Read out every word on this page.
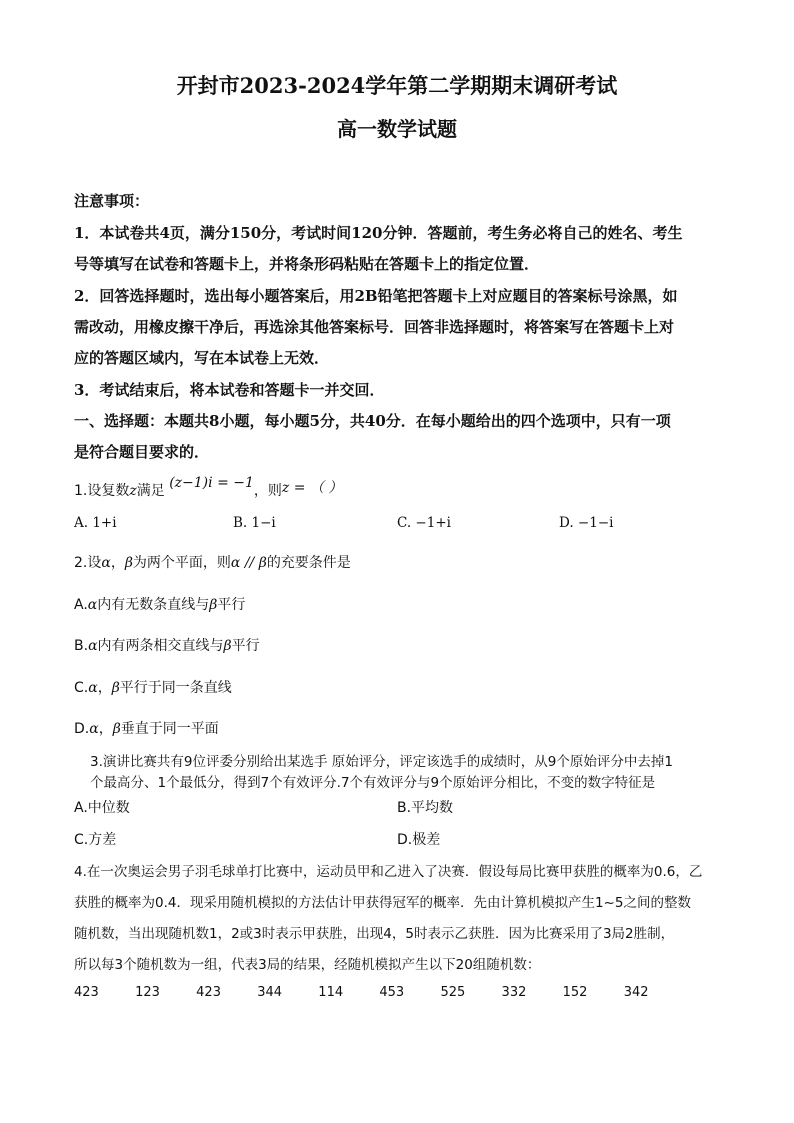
开封市2023-2024学年第二学期期末调研考试
高一数学试题
注意事项：
1．本试卷共4页，满分150分，考试时间120分钟．答题前，考生务必将自己的姓名、考生
号等填写在试卷和答题卡上，并将条形码粘贴在答题卡上的指定位置．
2．回答选择题时，选出每小题答案后，用2B铅笔把答题卡上对应题目的答案标号涂黑，如
需改动，用橡皮擦干净后，再选涂其他答案标号．回答非选择题时，将答案写在答题卡上对
应的答题区域内，写在本试卷上无效．
3．考试结束后，将本试卷和答题卡一并交回．
一、选择题：本题共8小题，每小题5分，共40分．在每小题给出的四个选项中，只有一项
是符合题目要求的．
1.设复数z满足 (z−1)i = −1，则z = （ ）
A. 1+i	B. 1−i	C. −1+i	D. −1−i
2.设α，β为两个平面，则α // β的充要条件是
A.α内有无数条直线与β平行
B.α内有两条相交直线与β平行
C.α，β平行于同一条直线
D.α，β垂直于同一平面
3.演讲比赛共有9位评委分别给出某选手 原始评分，评定该选手的成绩时，从9个原始评分中去掉1
个最高分、1个最低分，得到7个有效评分.7个有效评分与9个原始评分相比，不变的数字特征是
A.中位数	B.平均数
C.方差	D.极差
4.在一次奥运会男子羽毛球单打比赛中，运动员甲和乙进入了决赛．假设每局比赛甲获胜的概率为0.6，乙
获胜的概率为0.4．现采用随机模拟的方法估计甲获得冠军的概率．先由计算机模拟产生1~5之间的整数
随机数，当出现随机数1，2或3时表示甲获胜，出现4，5时表示乙获胜．因为比赛采用了3局2胜制，
所以每3个随机数为一组，代表3局的结果，经随机模拟产生以下20组随机数：
423  123  423  344  114  453  525  332  152  342
